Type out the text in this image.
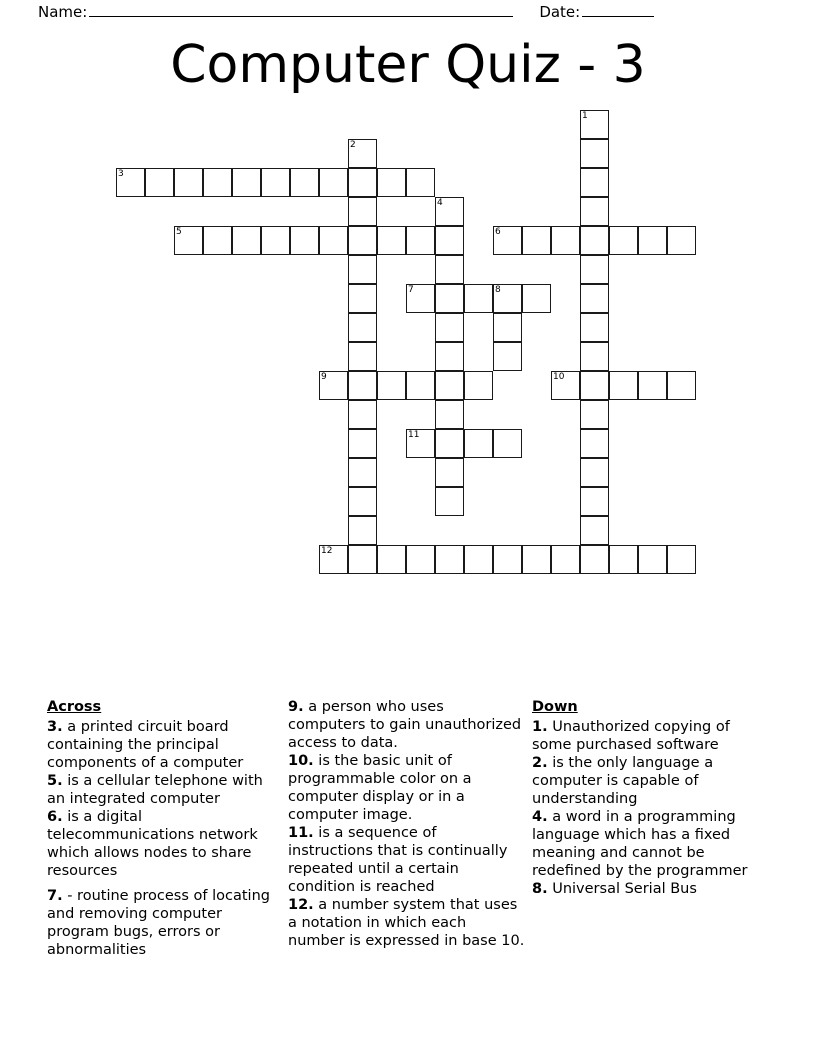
Name:	Date:
Computer Quiz - 3
1
2
3
4
5	6
7	8
9	10
11
12
Across
3. a printed circuit board containing the principal components of a computer
5. is a cellular telephone with an integrated computer
6. is a digital telecommunications network which allows nodes to share resources
7. - routine process of locating and removing computer program bugs, errors or abnormalities
9. a person who uses computers to gain unauthorized access to data.
10. is the basic unit of programmable color on a computer display or in a computer image.
11. is a sequence of instructions that is continually repeated until a certain condition is reached
12. a number system that uses a notation in which each number is expressed in base 10.
Down
1. Unauthorized copying of some purchased software
2. is the only language a computer is capable of understanding
4. a word in a programming language which has a fixed meaning and cannot be redefined by the programmer
8. Universal Serial Bus
